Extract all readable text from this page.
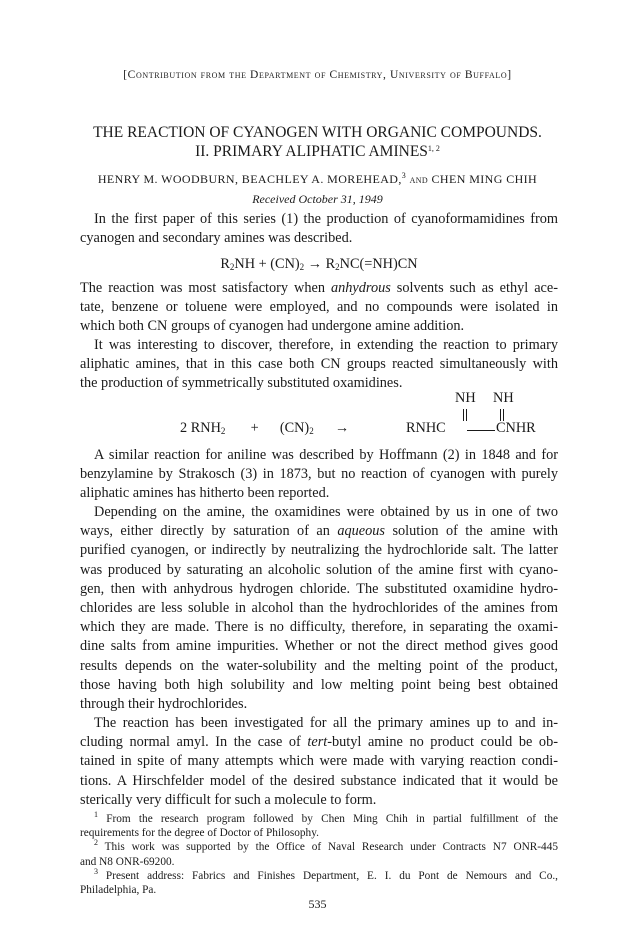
[Contribution from the Department of Chemistry, University of Buffalo]
THE REACTION OF CYANOGEN WITH ORGANIC COMPOUNDS.
II. PRIMARY ALIPHATIC AMINES$^{1, 2}$
HENRY M. WOODBURN, BEACHLEY A. MOREHEAD,$^3$ and CHEN MING CHIH
Received October 31, 1949
In the first paper of this series (1) the production of cyanoformamidines from
cyanogen and secondary amines was described.
$R_2NH + (CN)_2 \to R_2NC(=NH)CN$
The reaction was most satisfactory when anhydrous solvents such as ethyl ace-
tate, benzene or toluene were employed, and no compounds were isolated in
which both CN groups of cyanogen had undergone amine addition.
It was interesting to discover, therefore, in extending the reaction to primary
aliphatic amines, that in this case both CN groups reacted simultaneously with
the production of symmetrically substituted oxamidines.
NH NH
2 $RNH_2 + (CN)_2$ →	RNHC	CNHR
A similar reaction for aniline was described by Hoffmann (2) in 1848 and for
benzylamine by Strakosch (3) in 1873, but no reaction of cyanogen with purely
aliphatic amines has hitherto been reported.
Depending on the amine, the oxamidines were obtained by us in one of two
ways, either directly by saturation of an aqueous solution of the amine with
purified cyanogen, or indirectly by neutralizing the hydrochloride salt. The latter
was produced by saturating an alcoholic solution of the amine first with cyano-
gen, then with anhydrous hydrogen chloride. The substituted oxamidine hydro-
chlorides are less soluble in alcohol than the hydrochlorides of the amines from
which they are made. There is no difficulty, therefore, in separating the oxami-
dine salts from amine impurities. Whether or not the direct method gives good
results depends on the water-solubility and the melting point of the product,
those having both high solubility and low melting point being best obtained
through their hydrochlorides.
The reaction has been investigated for all the primary amines up to and in-
cluding normal amyl. In the case of tert-butyl amine no product could be ob-
tained in spite of many attempts which were made with varying reaction condi-
tions. A Hirschfelder model of the desired substance indicated that it would be
sterically very difficult for such a molecule to form.
$^1$ From the research program followed by Chen Ming Chih in partial fulfillment of the
requirements for the degree of Doctor of Philosophy.
$^2$ This work was supported by the Office of Naval Research under Contracts N7 ONR-445
and N8 ONR-69200.
$^3$ Present address: Fabrics and Finishes Department, E. I. du Pont de Nemours and Co.,
Philadelphia, Pa.
535
